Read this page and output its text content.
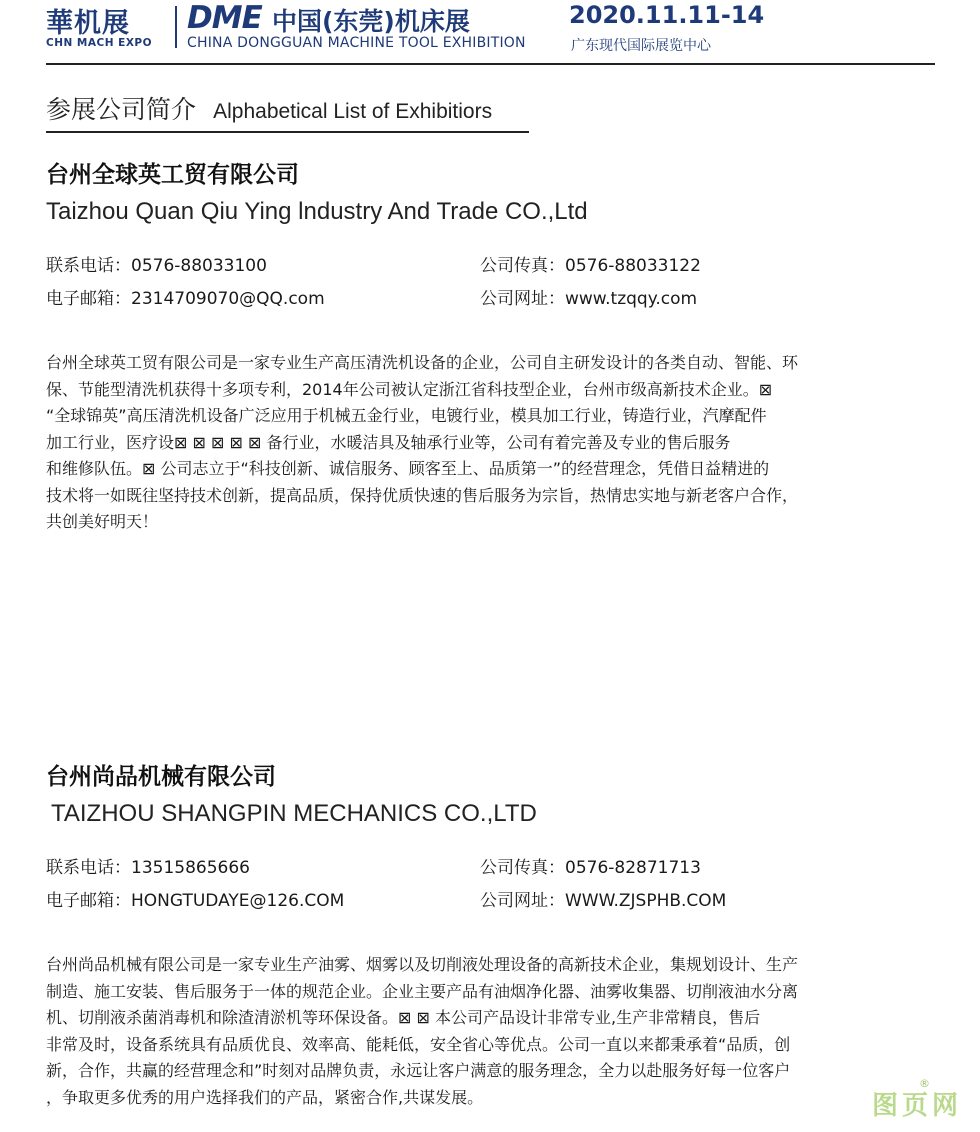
華机展
CHN MACH EXPO
DME 中国(东莞)机床展
CHINA DONGGUAN MACHINE TOOL EXHIBITION
2020.11.11-14
广东现代国际展览中心
参展公司简介 Alphabetical List of Exhibitiors
台州全球英工贸有限公司
Taizhou Quan Qiu Ying lndustry And Trade CO.,Ltd
联系电话：0576-88033100	公司传真：0576-88033122
电子邮箱：2314709070@QQ.com	公司网址：www.tzqqy.com
台州全球英工贸有限公司是一家专业生产高压清洗机设备的企业，公司自主研发设计的各类自动、智能、环
保、节能型清洗机获得十多项专利，2014年公司被认定浙江省科技型企业，台州市级高新技术企业。⊠
“全球锦英”高压清洗机设备广泛应用于机械五金行业，电镀行业，模具加工行业，铸造行业，汽摩配件
加工行业，医疗设⊠ ⊠ ⊠ ⊠ ⊠ 备行业，水暖洁具及轴承行业等，公司有着完善及专业的售后服务
和维修队伍。⊠ 公司志立于“科技创新、诚信服务、顾客至上、品质第一”的经营理念，凭借日益精进的
技术将一如既往坚持技术创新，提高品质，保持优质快速的售后服务为宗旨，热情忠实地与新老客户合作，
共创美好明天！
台州尚品机械有限公司
TAIZHOU SHANGPIN MECHANICS CO.,LTD
联系电话：13515865666	公司传真：0576-82871713
电子邮箱：HONGTUDAYE@126.COM	公司网址：WWW.ZJSPHB.COM
台州尚品机械有限公司是一家专业生产油雾、烟雾以及切削液处理设备的高新技术企业，集规划设计、生产
制造、施工安装、售后服务于一体的规范企业。企业主要产品有油烟净化器、油雾收集器、切削液油水分离
机、切削液杀菌消毒机和除渣清淤机等环保设备。⊠ ⊠ 本公司产品设计非常专业,生产非常精良，售后
非常及时，设备系统具有品质优良、效率高、能耗低，安全省心等优点。公司一直以来都秉承着“品质，创
新，合作，共赢的经营理念和”时刻对品牌负责，永远让客户满意的服务理念，全力以赴服务好每一位客户
，争取更多优秀的用户选择我们的产品，紧密合作,共谋发展。
®
图页网
